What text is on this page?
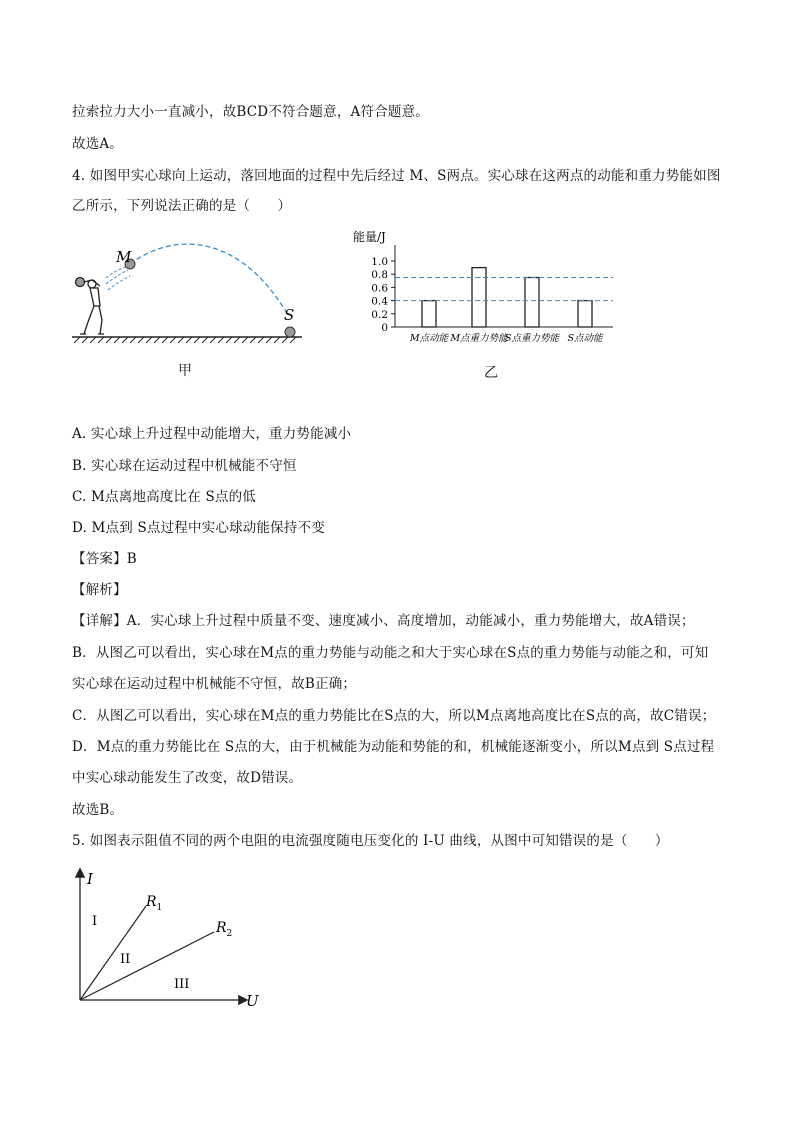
拉索拉力大小一直减小，故BCD不符合题意，A符合题意。
故选A。
4. 如图甲实心球向上运动，落回地面的过程中先后经过 M、S两点。实心球在这两点的动能和重力势能如图
乙所示，下列说法正确的是（　　）
M
S
甲
能量/J
1.0
0.8
0.6
0.4
0.2
0
M点动能 M点重力势能
S点重力势能 S点动能
乙
A. 实心球上升过程中动能增大，重力势能减小
B. 实心球在运动过程中机械能不守恒
C. M点离地高度比在 S点的低
D. M点到 S点过程中实心球动能保持不变
【答案】B
【解析】
【详解】A．实心球上升过程中质量不变、速度减小、高度增加，动能减小，重力势能增大，故A错误；
B．从图乙可以看出，实心球在M点的重力势能与动能之和大于实心球在S点的重力势能与动能之和，可知
实心球在运动过程中机械能不守恒，故B正确；
C．从图乙可以看出，实心球在M点的重力势能比在S点的大，所以M点离地高度比在S点的高，故C错误；
D．M点的重力势能比在 S点的大，由于机械能为动能和势能的和，机械能逐渐变小，所以M点到 S点过程
中实心球动能发生了改变，故D错误。
故选B。
5. 如图表示阻值不同的两个电阻的电流强度随电压变化的 I-U 曲线，从图中可知错误的是（　　）
I
U
$R_1$
$R_2$
I
II
III
